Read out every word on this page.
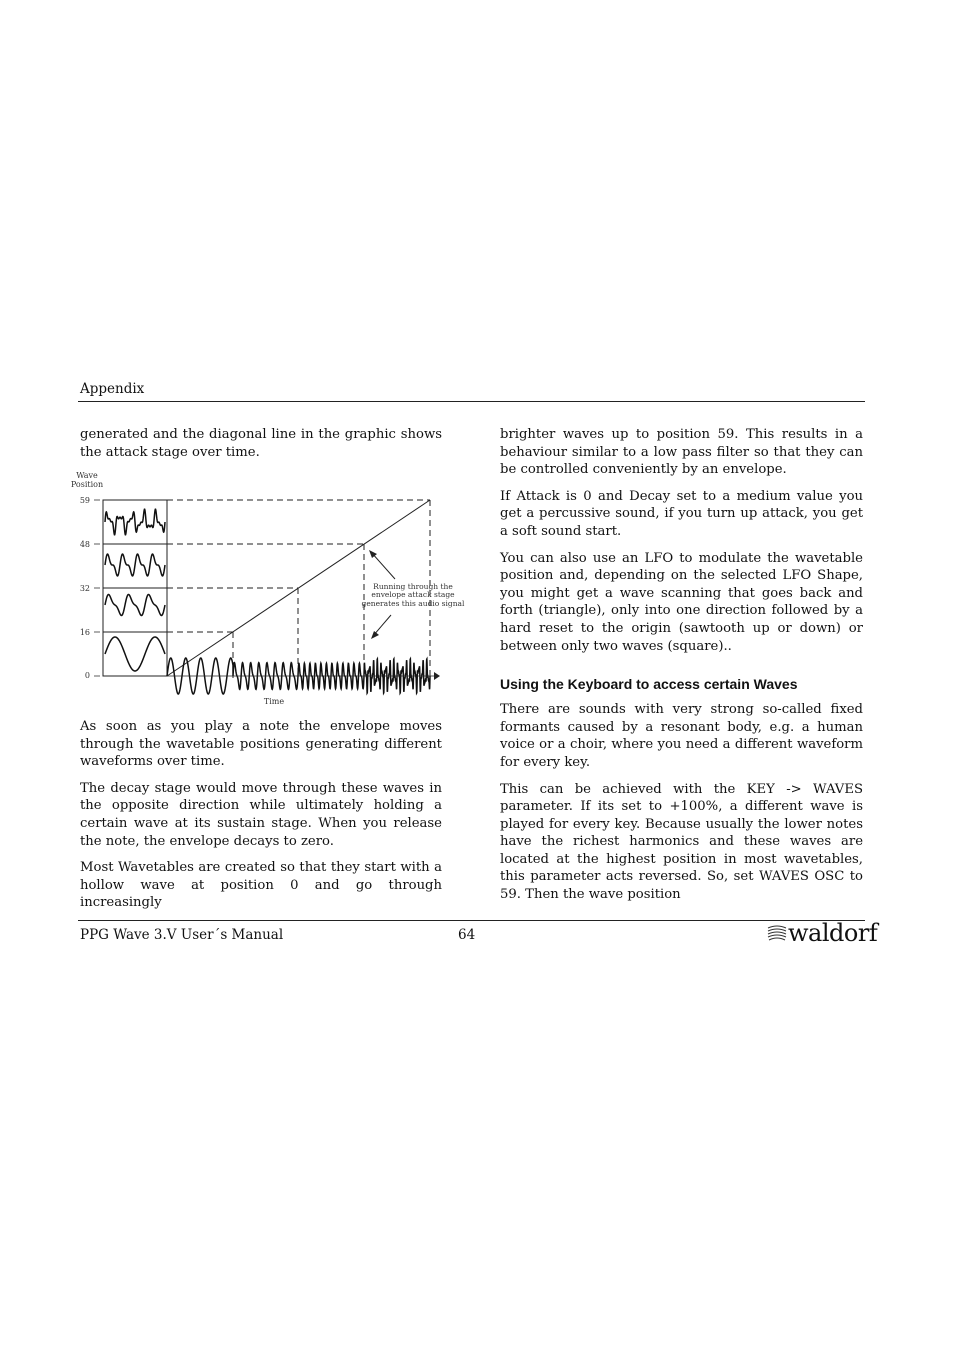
Appendix

generated and the diagonal line in the graphic shows the attack stage over time.

Wave
Position
59
48
32
16
0
Time
Running through the
envelope attack stage
generates this audio signal

As soon as you play a note the envelope moves through the wavetable positions generating different waveforms over time.

The decay stage would move through these waves in the opposite direction while ultimately holding a certain wave at its sustain stage. When you release the note, the envelope decays to zero.

Most Wavetables are created so that they start with a hollow wave at position 0 and go through increasingly

brighter waves up to position 59. This results in a behaviour similar to a low pass filter so that they can be controlled conveniently by an envelope.

If Attack is 0 and Decay set to a medium value you get a percussive sound, if you turn up attack, you get a soft sound start.

You can also use an LFO to modulate the wavetable position and, depending on the selected LFO Shape, you might get a wave scanning that goes back and forth (triangle), only into one direction followed by a hard reset to the origin (sawtooth up or down) or between only two waves (square)..

Using the Keyboard to access certain Waves

There are sounds with very strong so-called fixed formants caused by a resonant body, e.g. a human voice or a choir, where you need a different waveform for every key.

This can be achieved with the KEY -> WAVES parameter. If its set to +100%, a different wave is played for every key. Because usually the lower notes have the richest harmonics and these waves are located at the highest position in most wavetables, this parameter acts reversed. So, set WAVES OSC to 59. Then the wave position

PPG Wave 3.V User´s Manual	64	waldorf
